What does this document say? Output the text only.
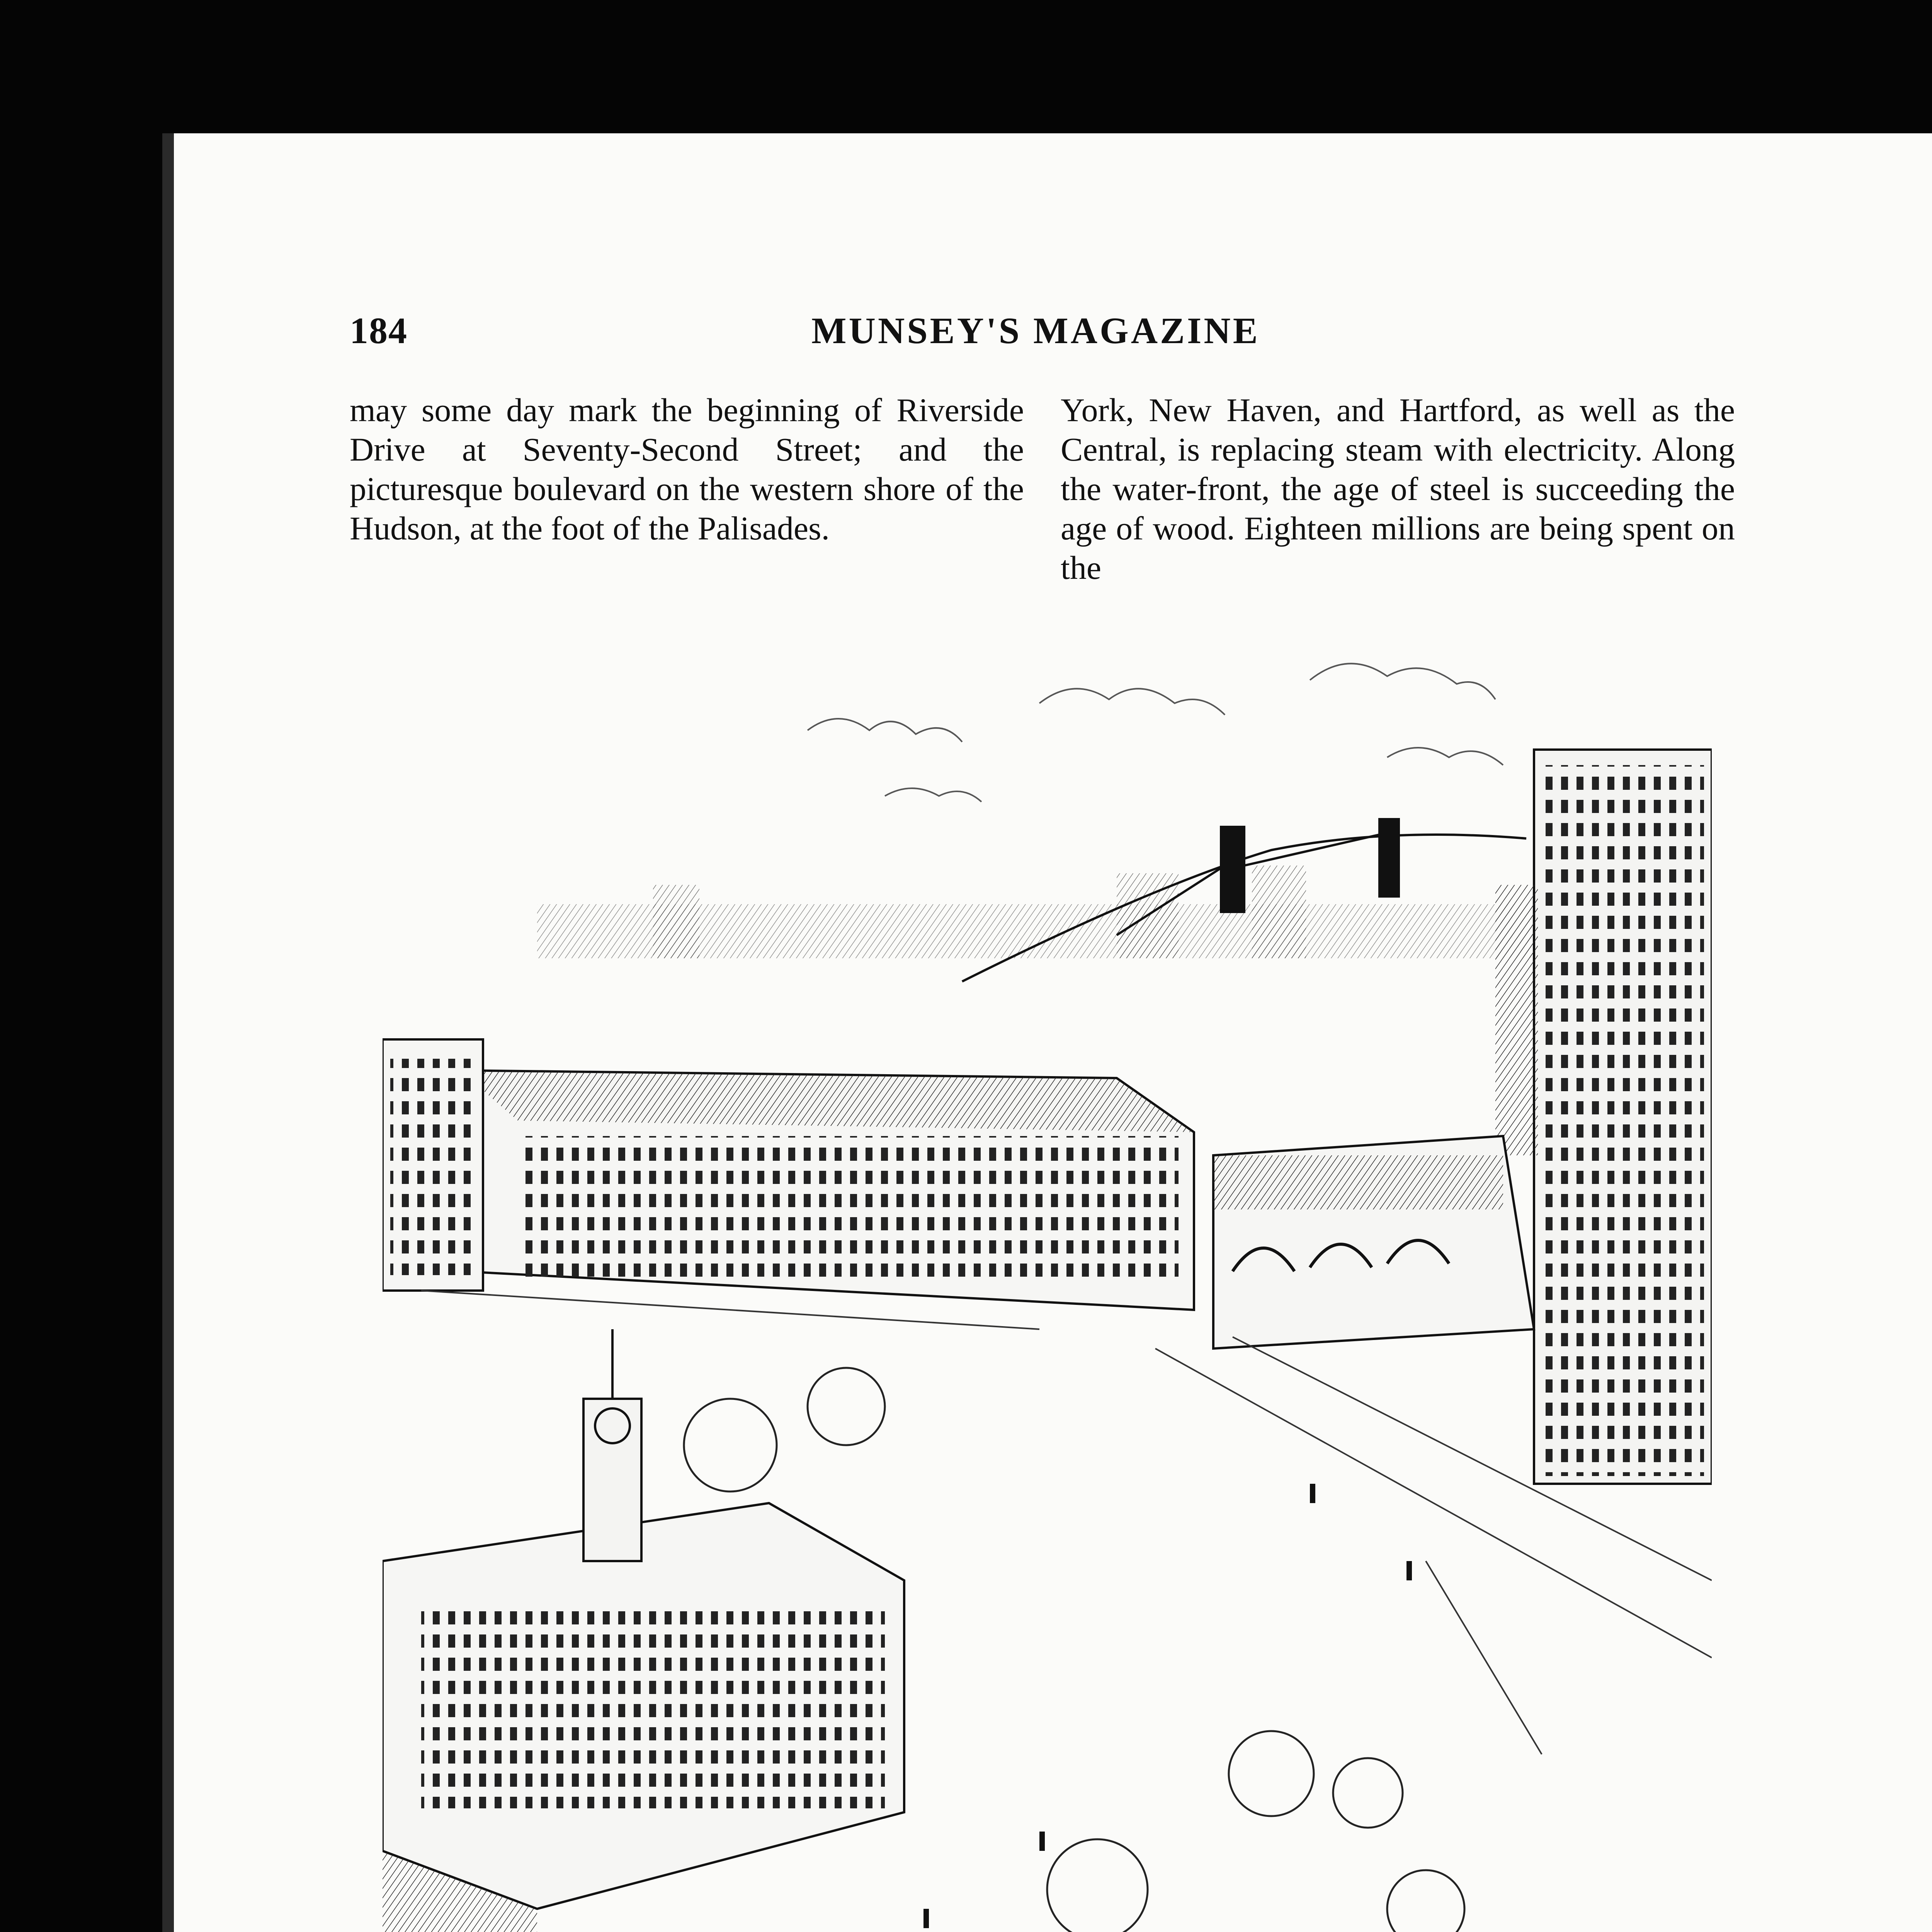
184	MUNSEY'S MAGAZINE

may some day mark the beginning of Riverside Drive at Seventy-Second Street; and the picturesque boulevard on the western shore of the Hudson, at the foot of the Palisades.

York, New Haven, and Hartford, as well as the Central, is replacing steam with electricity. Along the water-front, the age of steel is succeeding the age of wood. Eighteen millions are being spent on the
